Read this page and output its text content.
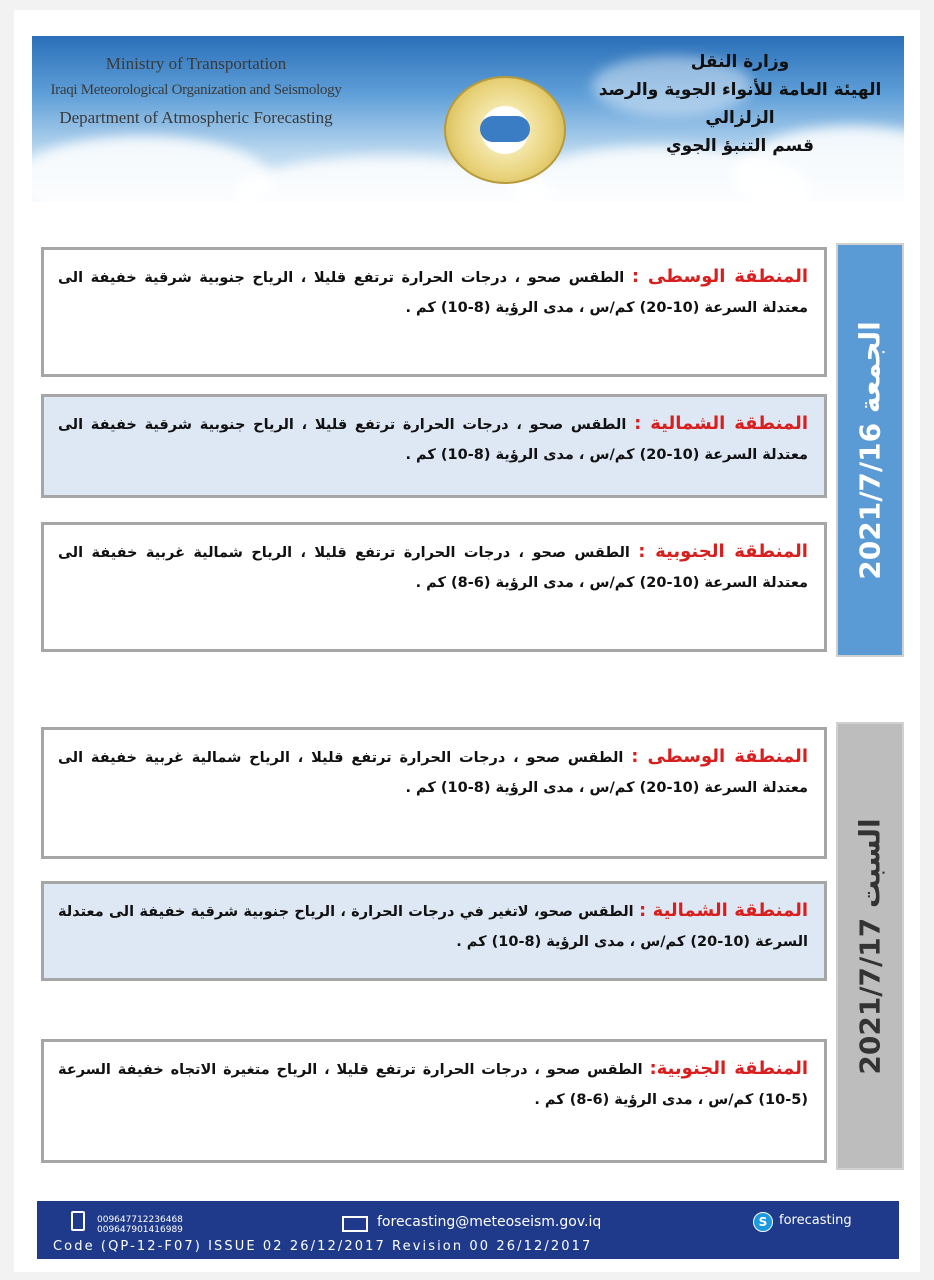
Ministry of Transportation
Iraqi Meteorological Organization and Seismology
Department of Atmospheric Forecasting
وزارة النقل
الهيئة العامة للأنواء الجوية والرصد الزلزالي
قسم التنبؤ الجوي
الجمعة 2021/7/16
المنطقة الوسطى : الطقس صحو ، درجات الحرارة ترتفع قليلا ، الرياح جنوبية شرقية خفيفة الى معتدلة السرعة (10-20) كم/س ، مدى الرؤية (8-10) كم .
المنطقة الشمالية : الطقس صحو ، درجات الحرارة ترتفع قليلا ، الرياح جنوبية شرقية خفيفة الى معتدلة السرعة (10-20) كم/س ، مدى الرؤية (8-10) كم .
المنطقة الجنوبية : الطقس صحو ، درجات الحرارة ترتفع قليلا ، الرياح شمالية غربية خفيفة الى معتدلة السرعة (10-20) كم/س ، مدى الرؤية (6-8) كم .
السبت 2021/7/17
المنطقة الوسطى : الطقس صحو ، درجات الحرارة ترتفع قليلا ، الرياح شمالية غربية خفيفة الى معتدلة السرعة (10-20) كم/س ، مدى الرؤية (8-10) كم .
المنطقة الشمالية : الطقس صحو، لاتغير في درجات الحرارة ، الرياح جنوبية شرقية خفيفة الى معتدلة السرعة (10-20) كم/س ، مدى الرؤية (8-10) كم .
المنطقة الجنوبية: الطقس صحو ، درجات الحرارة ترتفع قليلا ، الرياح متغيرة الاتجاه خفيفة السرعة (5-10) كم/س ، مدى الرؤية (6-8) كم .
009647712236468
009647901416989	forecasting@meteoseism.gov.iq	S forecasting
Code (QP-12-F07) ISSUE 02 26/12/2017 Revision 00 26/12/2017
